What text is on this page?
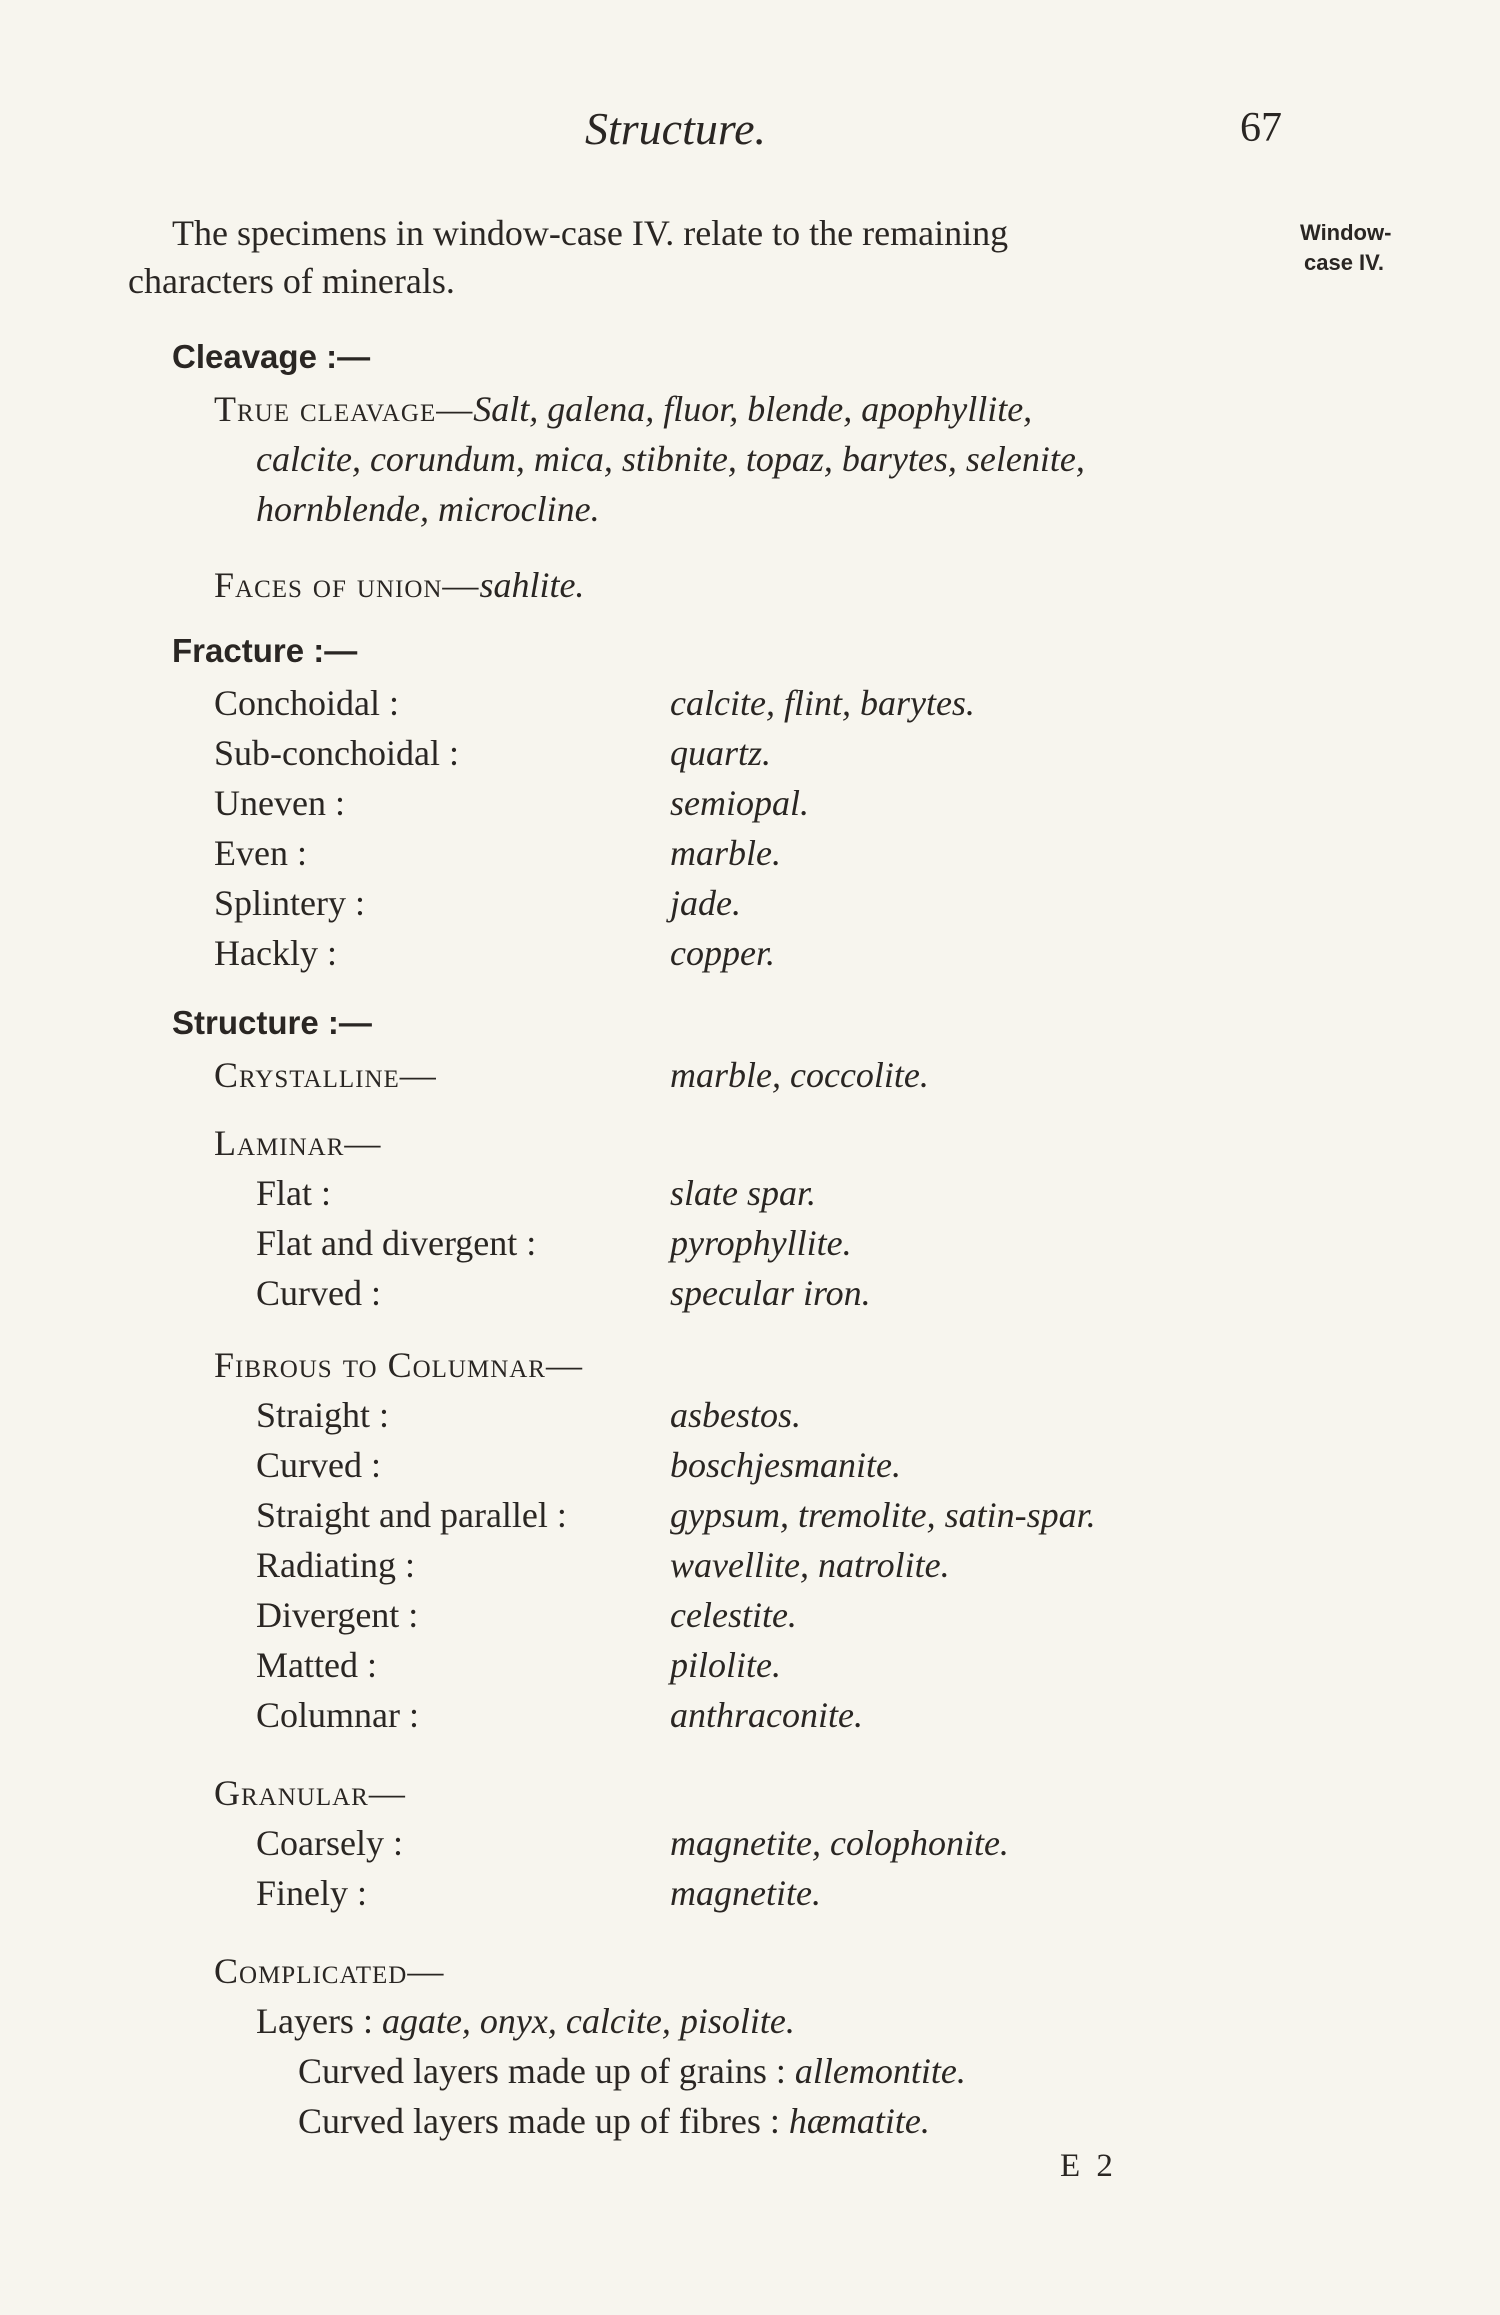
Structure.	67
Window-
case IV.
The specimens in window-case IV. relate to the remaining
characters of minerals.
Cleavage :—
True cleavage—Salt, galena, fluor, blende, apophyllite,
calcite, corundum, mica, stibnite, topaz, barytes, selenite,
hornblende, microcline.
Faces of union—sahlite.
Fracture :—
Conchoidal :	calcite, flint, barytes.
Sub-conchoidal :	quartz.
Uneven :	semiopal.
Even :	marble.
Splintery :	jade.
Hackly :	copper.
Structure :—
Crystalline—	marble, coccolite.
Laminar—
Flat :	slate spar.
Flat and divergent :	pyrophyllite.
Curved :	specular iron.
Fibrous to Columnar—
Straight :	asbestos.
Curved :	boschjesmanite.
Straight and parallel :	gypsum, tremolite, satin-spar.
Radiating :	wavellite, natrolite.
Divergent :	celestite.
Matted :	pilolite.
Columnar :	anthraconite.
Granular—
Coarsely :	magnetite, colophonite.
Finely :	magnetite.
Complicated—
Layers : agate, onyx, calcite, pisolite.
Curved layers made up of grains : allemontite.
Curved layers made up of fibres : hæmatite.
E 2
